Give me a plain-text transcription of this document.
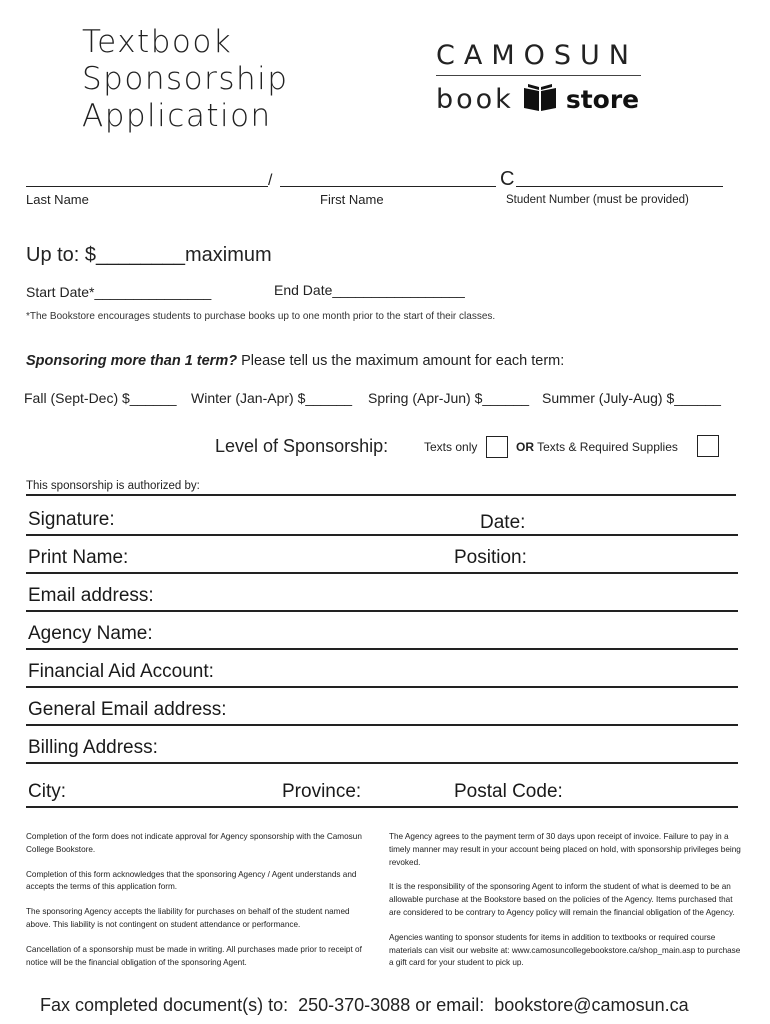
Textbook
Sponsorship
Application
CAMOSUN
book store
/	C
Last Name	First Name	Student Number (must be provided)
Up to: $________maximum
Start Date*_______________	End Date_________________
*The Bookstore encourages students to purchase books up to one month prior to the start of their classes.
Sponsoring more than 1 term? Please tell us the maximum amount for each term:
Fall (Sept-Dec) $______ Winter (Jan-Apr) $______ Spring (Apr-Jun) $______ Summer (July-Aug) $______
Level of Sponsorship:	Texts only	OR Texts & Required Supplies
This sponsorship is authorized by:
Signature:	Date:
Print Name:	Position:
Email address:
Agency Name:
Financial Aid Account:
General Email address:
Billing Address:
City:	Province:	Postal Code:

Completion of the form does not indicate approval for Agency sponsorship with the Camosun College Bookstore.

Completion of this form acknowledges that the sponsoring Agency / Agent understands and accepts the terms of this application form.

The sponsoring Agency accepts the liability for purchases on behalf of the student named above. This liability is not contingent on student attendance or performance.

Cancellation of a sponsorship must be made in writing. All purchases made prior to receipt of notice will be the financial obligation of the sponsoring Agent.

The Agency agrees to the payment term of 30 days upon receipt of invoice. Failure to pay in a timely manner may result in your account being placed on hold, with sponsorship privileges being revoked.

It is the responsibility of the sponsoring Agent to inform the student of what is deemed to be an allowable purchase at the Bookstore based on the policies of the Agency. Items purchased that are considered to be contrary to Agency policy will remain the financial obligation of the Agency.

Agencies wanting to sponsor students for items in addition to textbooks or required course materials can visit our website at: www.camosuncollegebookstore.ca/shop_main.asp to purchase a gift card for your student to pick up.

Fax completed document(s) to:  250-370-3088 or email:  bookstore@camosun.ca
